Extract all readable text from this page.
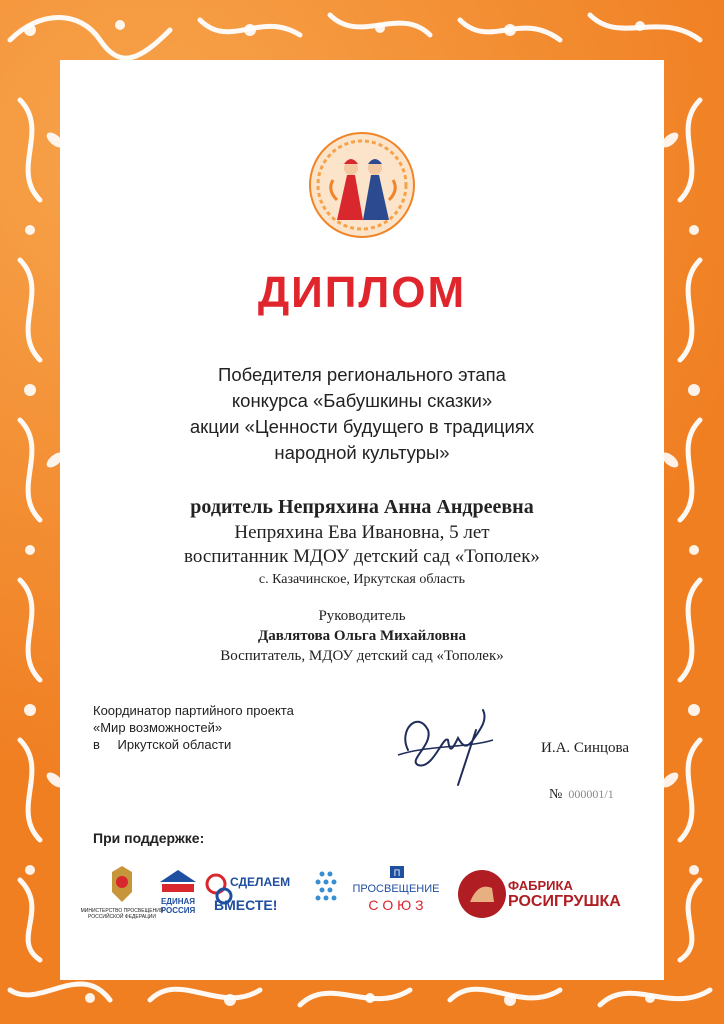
ДИПЛОМ
Победителя регионального этапа
конкурса «Бабушкины сказки»
акции «Ценности будущего в традициях
народной культуры»
родитель Непряхина Анна Андреевна
Непряхина Ева Ивановна, 5 лет
воспитанник МДОУ детский сад «Тополек»
с. Казачинское, Иркутская область
Руководитель
Давлятова Ольга Михайловна
Воспитатель, МДОУ детский сад «Тополек»
Координатор партийного проекта
«Мир возможностей»
в Иркутской области	И.А. Синцова
№ 000001/1
При поддержке:
МИНИСТЕРСТВО ПРОСВЕЩЕНИЯ
РОССИЙСКОЙ ФЕДЕРАЦИИ
ЕДИНАЯ
РОССИЯ
СДЕЛАЕМ
ВМЕСТЕ!
П
ПРОСВЕЩЕНИЕ
С О Ю З
ФАБРИКА
РОСИГРУШКА
